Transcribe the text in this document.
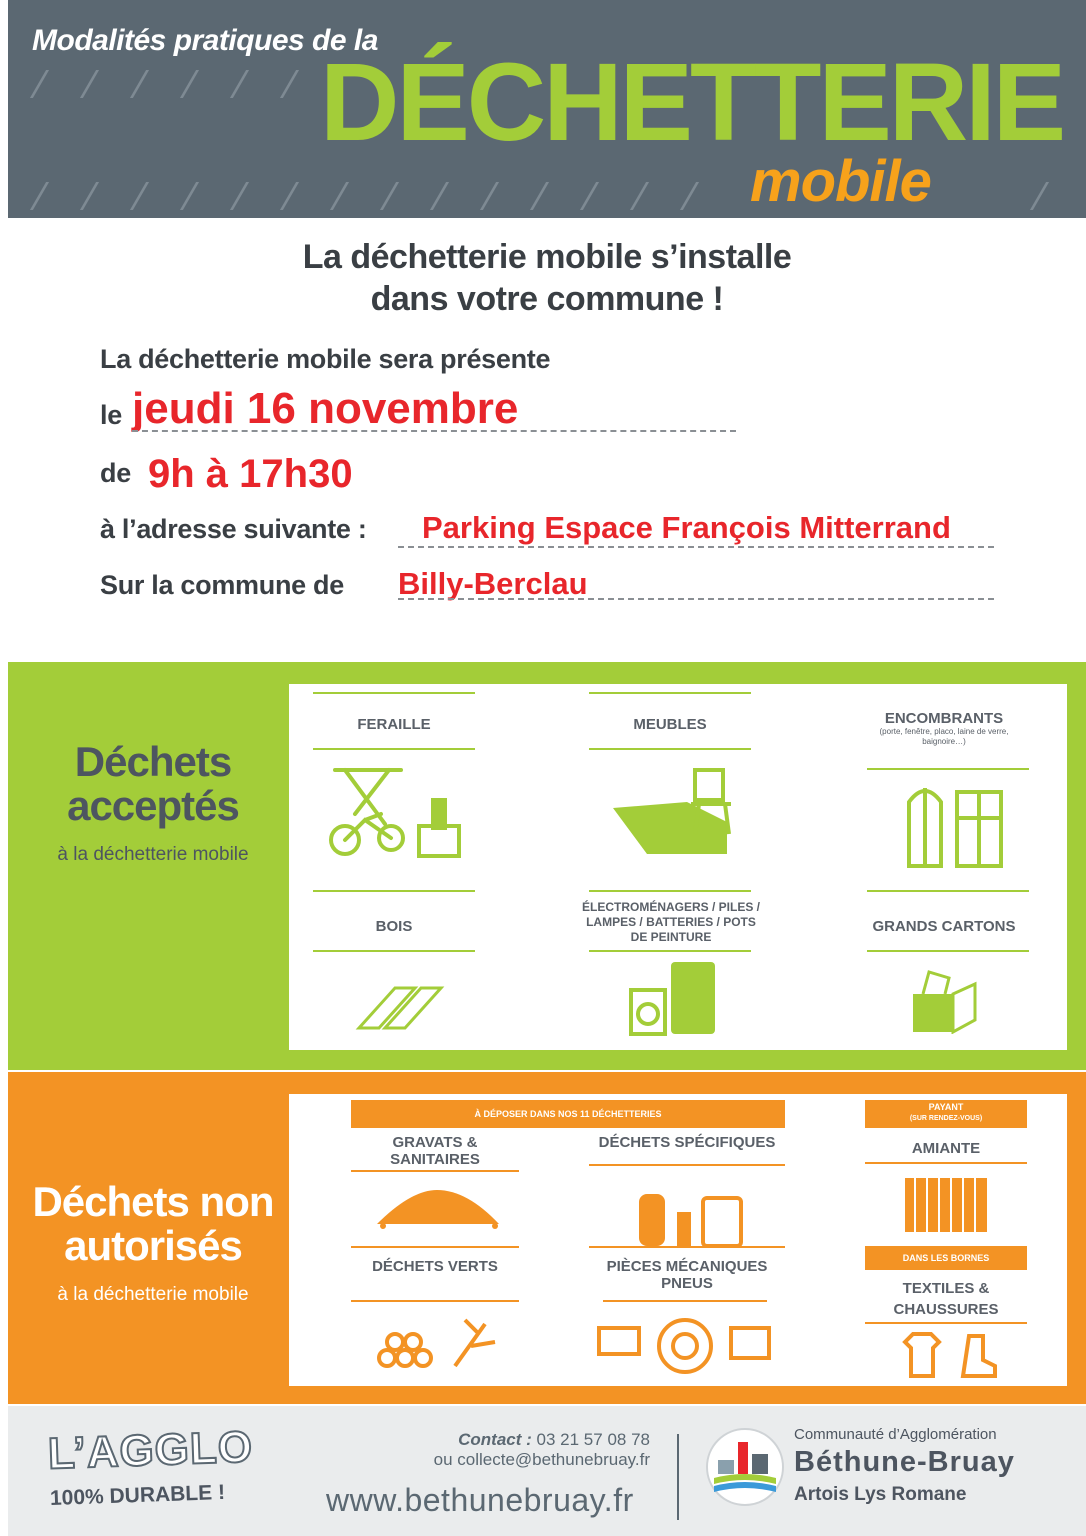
Modalités pratiques de la
DÉCHETTERIE
mobile
La déchetterie mobile s’installe
dans votre commune !
La déchetterie mobile sera présente
le jeudi 16 novembre
de 9h à 17h30
à l’adresse suivante : Parking Espace François Mitterrand
Sur la commune de Billy-Berclau
Déchets
acceptés
à la déchetterie mobile
FERAILLE	MEUBLES	ENCOMBRANTS
(porte, fenêtre, placo, laine de verre, baignoire…)
BOIS
ÉLECTROMÉNAGERS / PILES / LAMPES / BATTERIES / POTS DE PEINTURE
GRANDS CARTONS
Déchets non
autorisés
à la déchetterie mobile
À DÉPOSER DANS NOS 11 DÉCHETTERIES
PAYANT
(SUR RENDEZ-VOUS)
GRAVATS & SANITAIRES
DÉCHETS SPÉCIFIQUES	AMIANTE
DÉCHETS VERTS	PIÈCES MÉCANIQUES PNEUS
DANS LES BORNES
TEXTILES & CHAUSSURES
L’AGGLO
100% DURABLE !
Contact : 03 21 57 08 78
ou collecte@bethunebruay.fr
www.bethunebruay.fr
Communauté d’Agglomération
Béthune-Bruay
Artois Lys Romane
